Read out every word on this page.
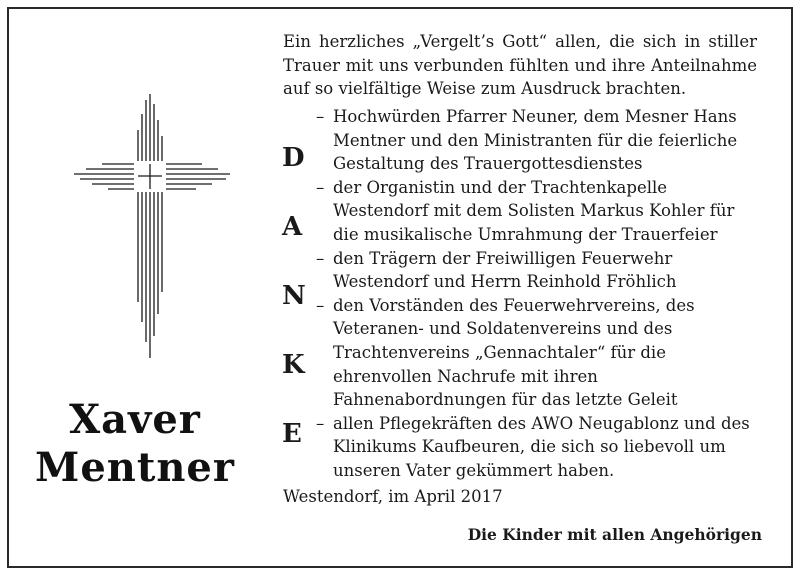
Xaver
Mentner
Ein herzliches „Vergelt’s Gott“ allen, die sich in stiller Trauer mit uns verbunden fühlten und ihre Anteilnahme auf so vielfältige Weise zum Ausdruck brachten.
D
A
N
K
E
– Hochwürden Pfarrer Neuner, dem Mesner Hans Mentner und den Ministranten für die feierliche Gestaltung des Trauergottesdienstes
– der Organistin und der Trachtenkapelle Westendorf mit dem Solisten Markus Kohler für die musikalische Umrahmung der Trauerfeier
– den Trägern der Freiwilligen Feuerwehr Westendorf und Herrn Reinhold Fröhlich
– den Vorständen des Feuerwehrvereins, des Veteranen- und Soldatenvereins und des Trachtenvereins „Gennachtaler“ für die ehrenvollen Nachrufe mit ihren Fahnenabordnungen für das letzte Geleit
– allen Pflegekräften des AWO Neugablonz und des Klinikums Kaufbeuren, die sich so liebevoll um unseren Vater gekümmert haben.
Westendorf, im April 2017
Die Kinder mit allen Angehörigen
